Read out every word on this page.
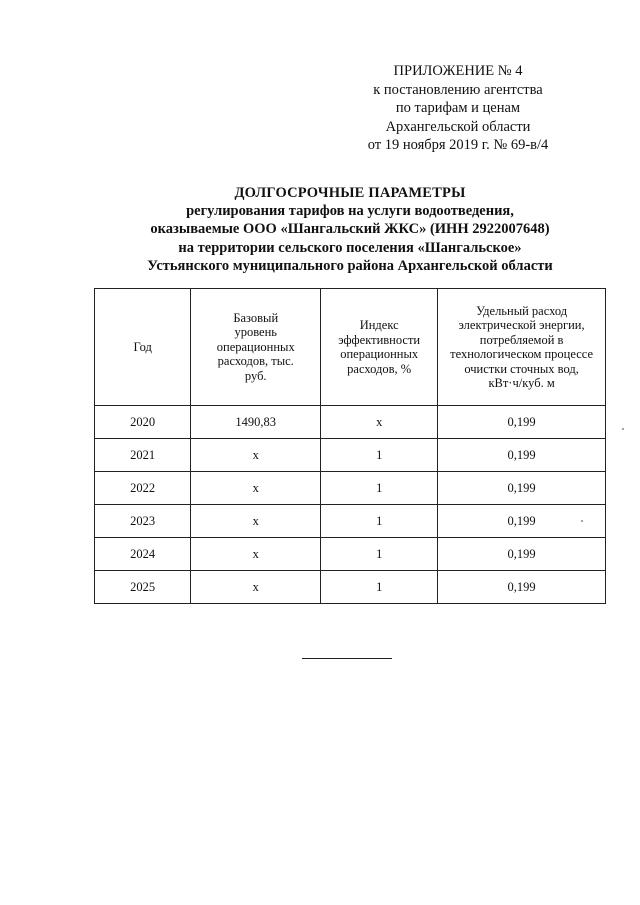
ПРИЛОЖЕНИЕ № 4
к постановлению агентства
по тарифам и ценам
Архангельской области
от 19 ноября 2019 г. № 69-в/4
ДОЛГОСРОЧНЫЕ ПАРАМЕТРЫ
регулирования тарифов на услуги водоотведения,
оказываемые ООО «Шангальский ЖКС» (ИНН 2922007648)
на территории сельского поселения «Шангальское»
Устьянского муниципального района Архангельской области
Год	Базовый уровень операционных расходов, тыс. руб.	Индекс эффективности операционных расходов, %	Удельный расход электрической энергии, потребляемой в технологическом процессе очистки сточных вод, кВт·ч/куб. м

2020	1490,83	х	0,199
2021	х	1	0,199
2022	х	1	0,199
2023	х	1	0,199
2024	х	1	0,199
2025	х	1	0,199
